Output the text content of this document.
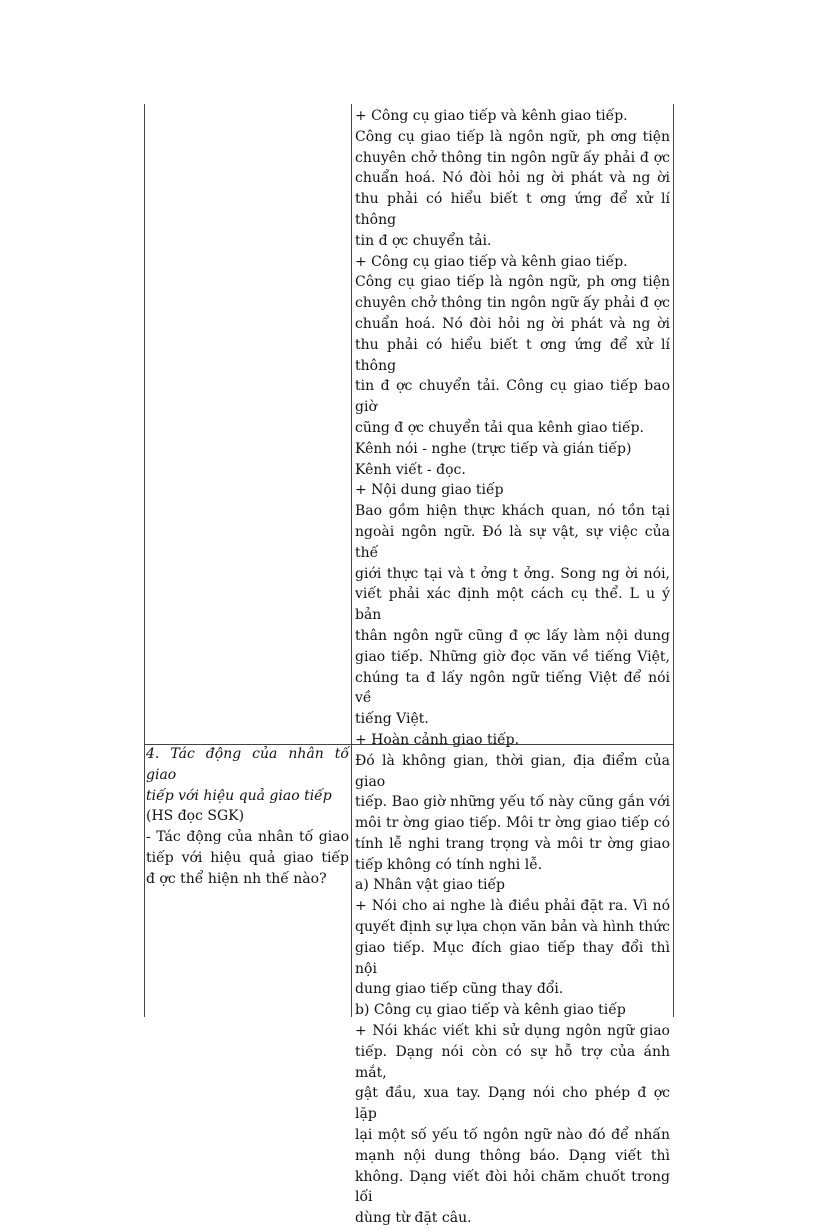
4. Tác động của nhân tố giao

tiếp với hiệu quả giao tiếp

(HS đọc SGK)

- Tác động của nhân tố giao

tiếp với hiệu quả giao tiếp

đ ợc thể hiện nh thế nào?

+ Công cụ giao tiếp và kênh giao tiếp.

Công cụ giao tiếp là ngôn ngữ, ph ơng tiện

chuyên chở thông tin ngôn ngữ ấy phải đ ợc

chuẩn hoá. Nó đòi hỏi ng ời phát và ng ời

thu phải có hiểu biết t ơng ứng để xử lí thông

tin đ ợc chuyển tải.

+ Công cụ giao tiếp và kênh giao tiếp.

Công cụ giao tiếp là ngôn ngữ, ph ơng tiện

chuyên chở thông tin ngôn ngữ ấy phải đ ợc

chuẩn hoá. Nó đòi hỏi ng ời phát và ng ời

thu phải có hiểu biết t ơng ứng để xử lí thông

tin đ ợc chuyển tải. Công cụ giao tiếp bao giờ

cũng đ ợc chuyển tải qua kênh giao tiếp.

Kênh nói - nghe (trực tiếp và gián tiếp)

Kênh viết - đọc.

+ Nội dung giao tiếp

Bao gồm hiện thực khách quan, nó tồn tại

ngoài ngôn ngữ. Đó là sự vật, sự việc của thế

giới thực tại và t ởng t ởng. Song ng ời nói,

viết phải xác định một cách cụ thể. L u ý bản

thân ngôn ngữ cũng đ ợc lấy làm nội dung

giao tiếp. Những giờ đọc văn về tiếng Việt,

chúng ta đ lấy ngôn ngữ tiếng Việt để nói về

tiếng Việt.

+ Hoàn cảnh giao tiếp.

Đó là không gian, thời gian, địa điểm của giao

tiếp. Bao giờ những yếu tố này cũng gắn với

môi tr ờng giao tiếp. Môi tr ờng giao tiếp có

tính lễ nghi trang trọng và môi tr ờng giao

tiếp không có tính nghi lễ.

a) Nhân vật giao tiếp

+ Nói cho ai nghe là điều phải đặt ra. Vì nó

quyết định sự lựa chọn văn bản và hình thức

giao tiếp. Mục đích giao tiếp thay đổi thì nội

dung giao tiếp cũng thay đổi.

b) Công cụ giao tiếp và kênh giao tiếp

+ Nói khác viết khi sử dụng ngôn ngữ giao

tiếp. Dạng nói còn có sự hỗ trợ của ánh mắt,

gật đầu, xua tay. Dạng nói cho phép đ ợc lặp

lại một số yếu tố ngôn ngữ nào đó để nhấn

mạnh nội dung thông báo. Dạng viết thì

không. Dạng viết đòi hỏi chăm chuốt trong lối

dùng từ đặt câu.
